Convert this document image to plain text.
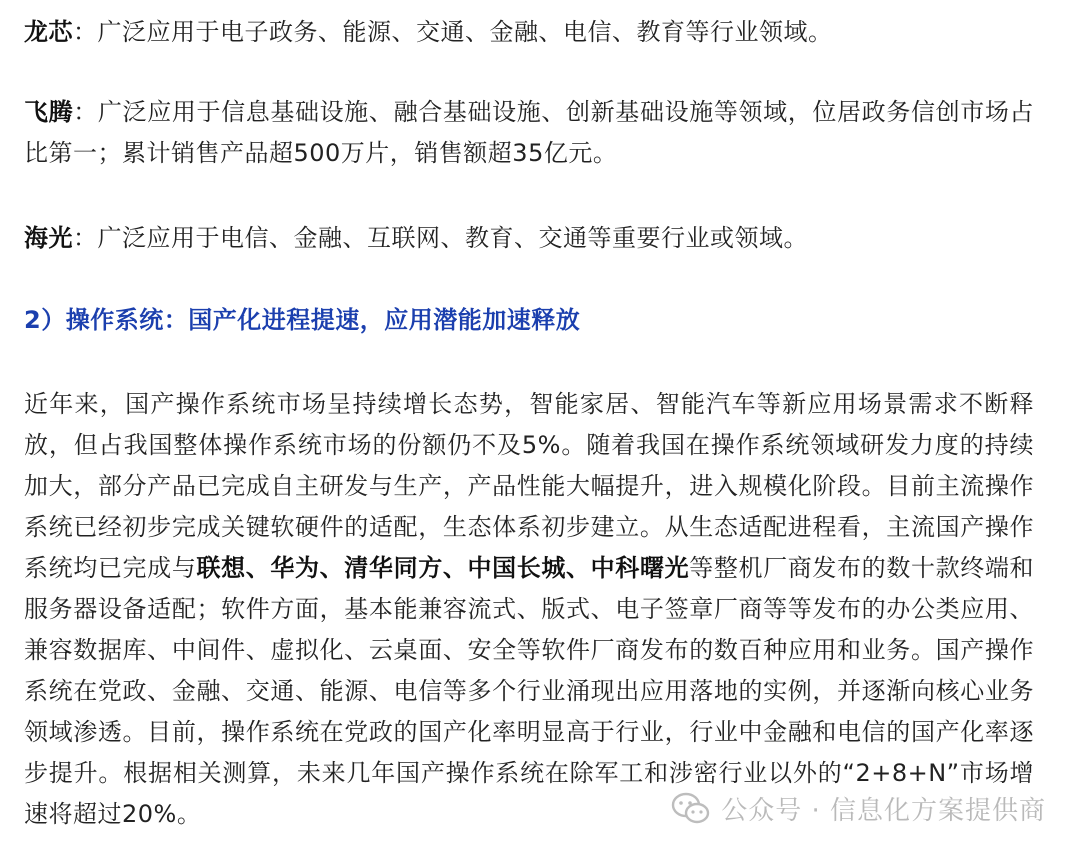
龙芯：广泛应用于电子政务、能源、交通、金融、电信、教育等行业领域。

飞腾：广泛应用于信息基础设施、融合基础设施、创新基础设施等领域，位居政务信创市场占比第一；累计销售产品超500万片，销售额超35亿元。

海光：广泛应用于电信、金融、互联网、教育、交通等重要行业或领域。

2）操作系统：国产化进程提速，应用潜能加速释放

近年来，国产操作系统市场呈持续增长态势，智能家居、智能汽车等新应用场景需求不断释放，但占我国整体操作系统市场的份额仍不及5%。随着我国在操作系统领域研发力度的持续加大，部分产品已完成自主研发与生产，产品性能大幅提升，进入规模化阶段。目前主流操作系统已经初步完成关键软硬件的适配，生态体系初步建立。从生态适配进程看，主流国产操作系统均已完成与联想、华为、清华同方、中国长城、中科曙光等整机厂商发布的数十款终端和服务器设备适配；软件方面，基本能兼容流式、版式、电子签章厂商等等发布的办公类应用、兼容数据库、中间件、虚拟化、云桌面、安全等软件厂商发布的数百种应用和业务。国产操作系统在党政、金融、交通、能源、电信等多个行业涌现出应用落地的实例，并逐渐向核心业务领域渗透。目前，操作系统在党政的国产化率明显高于行业，行业中金融和电信的国产化率逐步提升。根据相关测算，未来几年国产操作系统在除军工和涉密行业以外的“2+8+N”市场增速将超过20%。	公众号 · 信息化方案提供商
